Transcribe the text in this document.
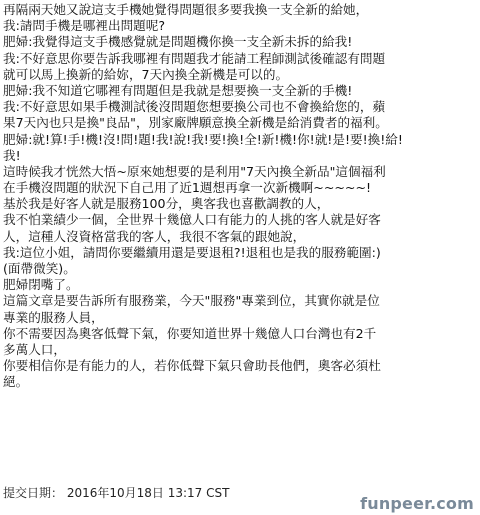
再隔兩天她又說這支手機她覺得問題很多要我換一支全新的給她，
我:請問手機是哪裡出問題呢?
肥婦:我覺得這支手機感覺就是問題機你換一支全新未拆的給我!
我:不好意思你要告訴我哪裡有問題我才能請工程師測試後確認有問題
就可以馬上換新的給妳，7天內換全新機是可以的。
肥婦:我不知道它哪裡有問題但是我就是想要換一支全新的手機!
我:不好意思如果手機測試後沒問題您想要換公司也不會換給您的，蘋
果7天內也只是換"良品"，別家廠牌願意換全新機是給消費者的福利。
肥婦:就!算!手!機!沒!問!題!我!說!我!要!換!全!新!機!你!就!是!要!換!給!
我!
這時候我才恍然大悟~原來她想要的是利用"7天內換全新品"這個福利
在手機沒問題的狀況下自己用了近1週想再拿一次新機啊~~~~~!
基於我是好客人就是服務100分，奧客我也喜歡調教的人，
我不怕業績少一個，全世界十幾億人口有能力的人挑的客人就是好客
人，這種人沒資格當我的客人，我很不客氣的跟她說，
我:這位小姐，請問你要繼續用還是要退租?!退租也是我的服務範圍:)
(面帶微笑)。
肥婦閉嘴了。
這篇文章是要告訴所有服務業，今天"服務"專業到位，其實你就是位
專業的服務人員，
你不需要因為奧客低聲下氣，你要知道世界十幾億人口台灣也有2千
多萬人口，
你要相信你是有能力的人，若你低聲下氣只會助長他們，奧客必須杜
絕。
提交日期： 2016年10月18日 13:17 CST
funpeer.com
